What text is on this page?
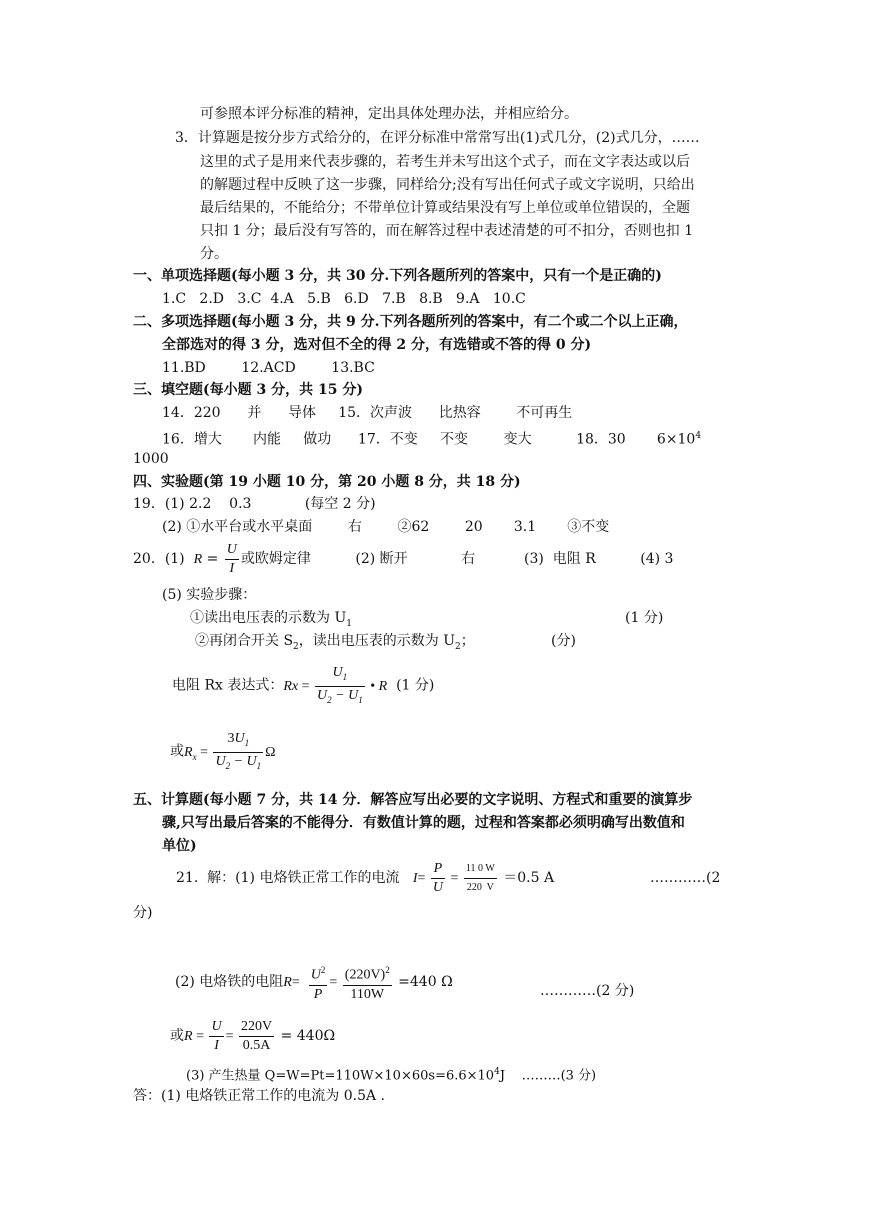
可参照本评分标准的精神，定出具体处理办法，并相应给分。
3．计算题是按分步方式给分的，在评分标准中常常写出(1)式几分，(2)式几分，……
这里的式子是用来代表步骤的，若考生并未写出这个式子，而在文字表达或以后
的解题过程中反映了这一步骤，同样给分;没有写出任何式子或文字说明，只给出
最后结果的，不能给分；不带单位计算或结果没有写上单位或单位错误的，全题
只扣 1 分；最后没有写答的，而在解答过程中表述清楚的可不扣分，否则也扣 1
分。
一、单项选择题(每小题 3 分，共 30 分.下列各题所列的答案中，只有一个是正确的)
1.C   2.D   3.C  4.A   5.B   6.D   7.B   8.B   9.A   10.C
二、多项选择题(每小题 3 分，共 9 分.下列各题所列的答案中，有二个或二个以上正确，
全部选对的得 3 分，选对但不全的得 2 分，有选错或不答的得 0 分)
11.BD        12.ACD        13.BC
三、填空题(每小题 3 分，共 15 分)
14．220      并      导体     15．次声波      比热容        不可再生
16．增大       内能     做功      17．不变     不变        变大          18．30       $6\times 10^4$
1000
四、实验题(第 19 小题 10 分，第 20 小题 8 分，共 18 分)
19．(1) 2.2    0.3            (每空 2 分)
(2) ①水平台或水平桌面        右        ②62        20       3.1       ③不变
20．(1) $R = \frac{U}{I}$ 或欧姆定律          (2) 断开            右           (3)  电阻 R          (4) 3
(5) 实验步骤：
①读出电压表的示数为 $U_1$	(1 分)
②再闭合开关 $S_2$，读出电压表的示数为 $U_2$；	(分)
电阻 Rx 表达式：$Rx = \frac{U_1}{U_2 - U_1}$ • R (1 分)
或$R_x = \frac{3U_1}{U_2 - U_1}$ Ω
五、计算题(每小题 7 分，共 14 分．解答应写出必要的文字说明、方程式和重要的演算步
骤,只写出最后答案的不能得分．有数值计算的题，过程和答案都必须明确写出数值和
单位)
21.  解：(1) 电烙铁正常工作的电流 $I= \frac{P}{U} = \frac{11 0 W}{220 V} =0.5$ A	…………(2
分)
(2) 电烙铁的电阻$R= \frac{U^2}{P} = \frac{(220V)^2}{110W} =440$ Ω
…………(2 分)
或$R = \frac{U}{I} = \frac{220V}{0.5A} = 440\Omega$
(3) 产生热量 $Q=W=Pt=110W\times 10\times 60s=6.6\times 10^4J$ ………(3 分)
答：(1) 电烙铁正常工作的电流为 0.5A .
